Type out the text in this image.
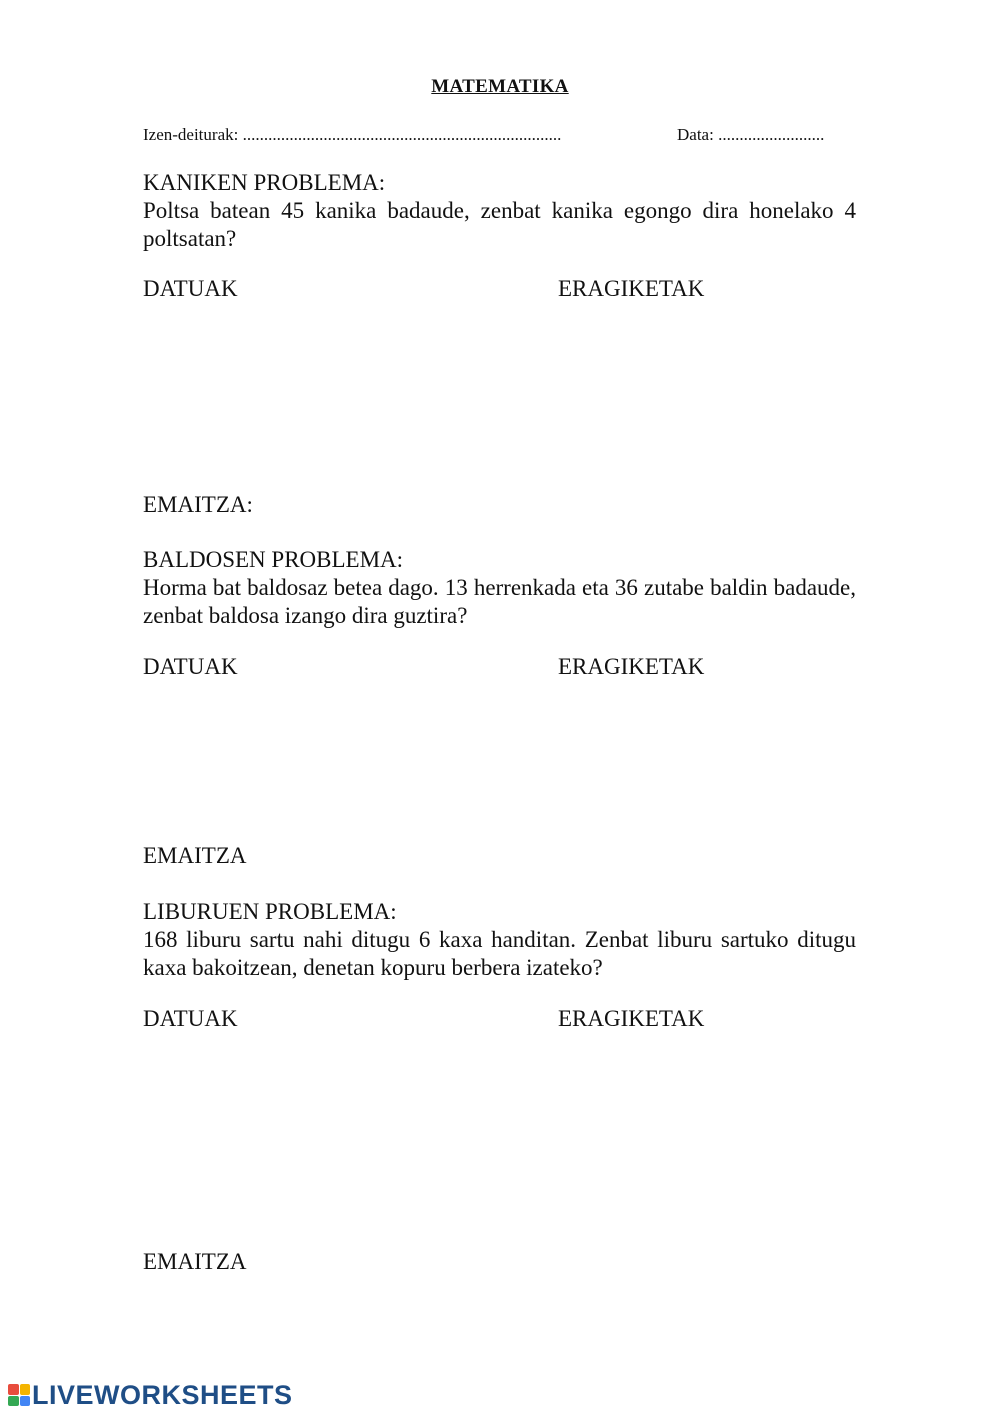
MATEMATIKA
Izen-deiturak: ...........................................................................	Data: .........................
KANIKEN PROBLEMA:
Poltsa batean 45 kanika badaude, zenbat kanika egongo dira honelako 4 poltsatan?
DATUAK	ERAGIKETAK
EMAITZA:
BALDOSEN PROBLEMA:
Horma bat baldosaz betea dago. 13 herrenkada eta 36 zutabe baldin badaude, zenbat baldosa izango dira guztira?
DATUAK	ERAGIKETAK
EMAITZA
LIBURUEN PROBLEMA:
168 liburu sartu nahi ditugu 6 kaxa handitan. Zenbat liburu sartuko ditugu kaxa bakoitzean, denetan kopuru berbera izateko?
DATUAK	ERAGIKETAK
EMAITZA
LIVEWORKSHEETS
